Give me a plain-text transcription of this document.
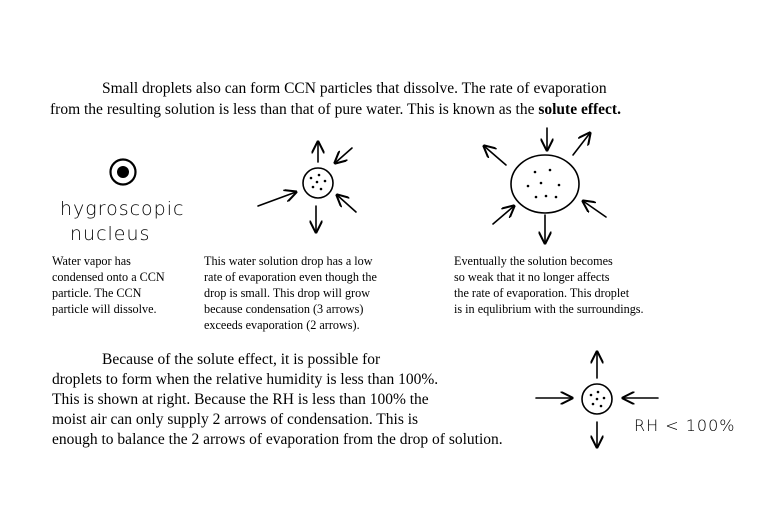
Small droplets also can form CCN particles that dissolve. The rate of evaporation
from the resulting solution is less than that of pure water. This is known as the solute effect.
hygroscopic
nucleus
RH < 100%
Water vapor has
condensed onto a CCN
particle. The CCN
particle will dissolve.
This water solution drop has a low
rate of evaporation even though the
drop is small. This drop will grow
because condensation (3 arrows)
exceeds evaporation (2 arrows).
Eventually the solution becomes
so weak that it no longer affects
the rate of evaporation. This droplet
is in equlibrium with the surroundings.
Because of the solute effect, it is possible for
droplets to form when the relative humidity is less than 100%.
This is shown at right. Because the RH is less than 100% the
moist air can only supply 2 arrows of condensation. This is
enough to balance the 2 arrows of evaporation from the drop of solution.
